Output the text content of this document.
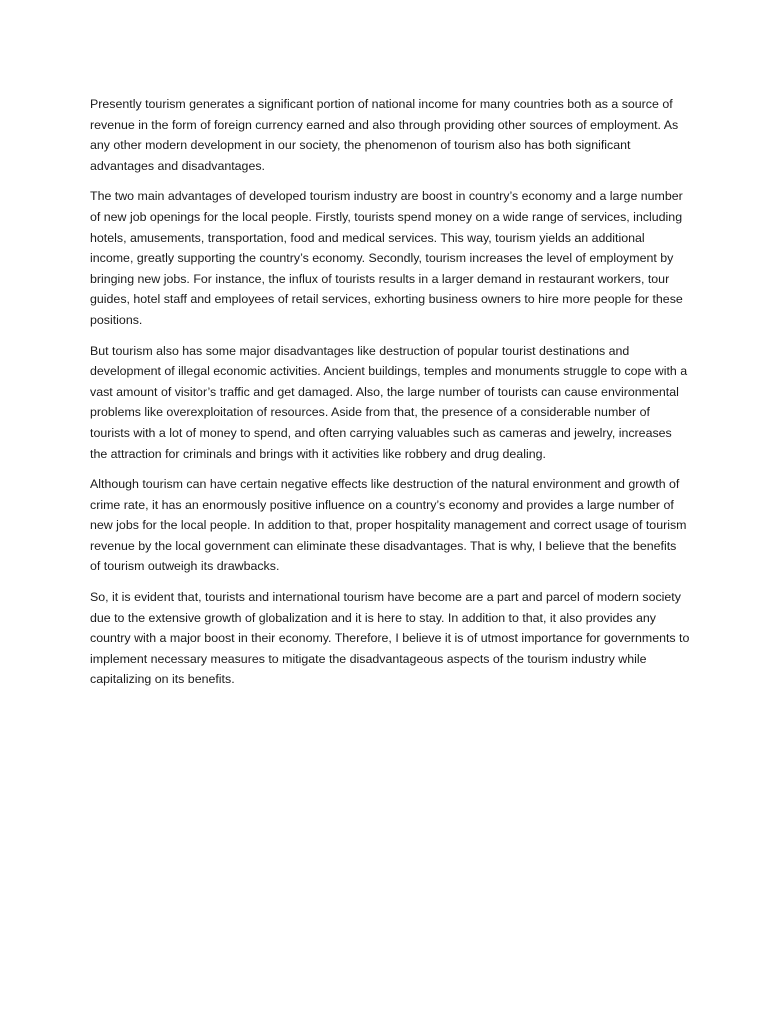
Presently tourism generates a significant portion of national income for many countries both as a source of revenue in the form of foreign currency earned and also through providing other sources of employment. As any other modern development in our society, the phenomenon of tourism also has both significant advantages and disadvantages.

The two main advantages of developed tourism industry are boost in country’s economy and a large number of new job openings for the local people. Firstly, tourists spend money on a wide range of services, including hotels, amusements, transportation, food and medical services. This way, tourism yields an additional income, greatly supporting the country’s economy. Secondly, tourism increases the level of employment by bringing new jobs. For instance, the influx of tourists results in a larger demand in restaurant workers, tour guides, hotel staff and employees of retail services, exhorting business owners to hire more people for these positions.

But tourism also has some major disadvantages like destruction of popular tourist destinations and development of illegal economic activities. Ancient buildings, temples and monuments struggle to cope with a vast amount of visitor’s traffic and get damaged. Also, the large number of tourists can cause environmental problems like overexploitation of resources. Aside from that, the presence of a considerable number of tourists with a lot of money to spend, and often carrying valuables such as cameras and jewelry, increases the attraction for criminals and brings with it activities like robbery and drug dealing.

Although tourism can have certain negative effects like destruction of the natural environment and growth of crime rate, it has an enormously positive influence on a country’s economy and provides a large number of new jobs for the local people. In addition to that, proper hospitality management and correct usage of tourism revenue by the local government can eliminate these disadvantages. That is why, I believe that the benefits of tourism outweigh its drawbacks.

So, it is evident that, tourists and international tourism have become are a part and parcel of modern society due to the extensive growth of globalization and it is here to stay. In addition to that, it also provides any country with a major boost in their economy. Therefore, I believe it is of utmost importance for governments to implement necessary measures to mitigate the disadvantageous aspects of the tourism industry while capitalizing on its benefits.
